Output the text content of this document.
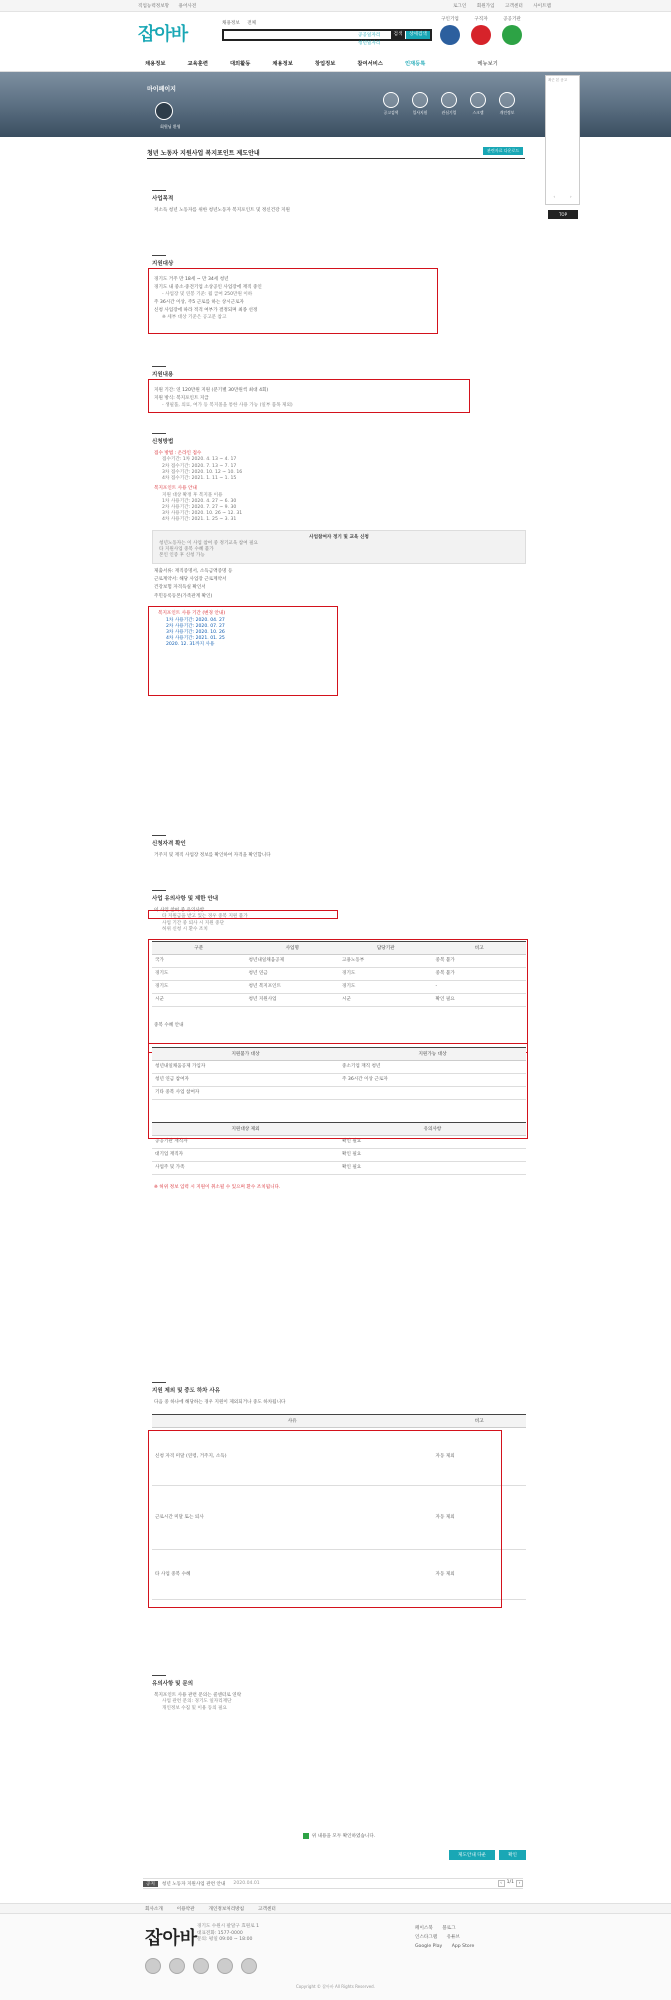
직업능력정보망 용어사전	로그인 회원가입 고객센터 사이트맵
잡아바
채용정보 전체
검색	상세검색
공공일자리
청년일자리
구인기업	구직자	공공기관
채용정보	교육훈련	대외활동	채용정보	창업정보	참여서비스	인재등록	메뉴보기
마이페이지
회원님 환영
공고검색	입사지원	관심기업	스크랩	개인정보
최근 본 공고
‹	›
TOP
청년 노동자 지원사업 복지포인트 제도안내	관련자료 다운로드
사업목적
저소득 청년 노동자를 위한 청년노동자 복지포인트 및 정신건강 지원
지원대상
경기도 거주 만 18세 ~ 만 34세 청년
경기도 내 중소·중견기업 소상공인 사업장에 재직 중인
- 사업장 및 연봉 기준: 월 급여 250만원 이하
주 36시간 이상, 주5 근로를 하는 상시근로자
신청 사업장에 따라 적격 여부가 결정되며 최종 선정
※ 세부 대상 기준은 공고문 참고
지원내용
지원 기간: 연 120만원 지원 (분기별 30만원씩 최대 4회)
지원 방식: 복지포인트 지급
- 생필품, 의료, 여가 등 복지몰을 통한 사용 가능 (일부 품목 제외)
신청방법
접수 방법 : 온라인 접수
접수기간: 1차 2020. 4. 13 ~ 4. 17
2차 접수기간: 2020. 7. 13 ~ 7. 17
3차 접수기간: 2020. 10. 12 ~ 10. 16
4차 접수기간: 2021. 1. 11 ~ 1. 15
복지포인트 사용 안내
지원 대상 확정 후 복지몰 이용
1차 사용기간: 2020. 4. 27 ~ 6. 30
2차 사용기간: 2020. 7. 27 ~ 9. 30
3차 사용기간: 2020. 10. 26 ~ 12. 31
4차 사용기간: 2021. 1. 25 ~ 3. 31
사업참여자 정기 및 교육 신청
청년노동자는 이 사업 참여 중 정기교육 참여 필요
타 지원사업 중복 수혜 불가
본인 인증 후 신청 가능
제출서류: 재직증명서, 소득금액증명 등
근로계약서: 해당 사업장 근로계약서
건강보험 자격득실 확인서
주민등록등본(가족관계 확인)
복지포인트 사용 기간 (변경 안내)
1차 사용기간: 2020. 04. 27
2차 사용기간: 2020. 07. 27
3차 사용기간: 2020. 10. 26
4차 사용기간: 2021. 01. 25
2020. 12. 31까지 사용
신청자격 확인
거주지 및 재직 사업장 정보를 확인하여 자격을 확인합니다
사업 유의사항 및 제한 안내
이 사업 참여 중 유의사항
타 지원금을 받고 있는 경우 중복 지원 불가
사업 기간 중 퇴사 시 지원 중단
허위 신청 시 환수 조치
구분	사업명	담당기관	비고
국가	청년내일채움공제	고용노동부	중복 불가
경기도	청년 연금	경기도	중복 불가
경기도	청년 복지포인트	경기도	-
시군	청년 지원사업	시군	확인 필요
중복 수혜 안내
지원불가 대상	지원가능 대상
청년내일채움공제 가입자	중소기업 재직 청년
청년 연금 참여자	주 36시간 이상 근로자
기타 중복 사업 참여자	
지원대상 제외	유의사항
공공기관 재직자	확인 필요
대기업 재직자	확인 필요
사업주 및 가족	확인 필요
※ 허위 정보 입력 시 지원이 취소될 수 있으며 환수 조치됩니다.
지원 제외 및 중도 하차 사유
다음 중 하나에 해당하는 경우 지원이 제외되거나 중도 하차됩니다
사유	비고
신청 자격 미달 (연령, 거주지, 소득)	자동 제외
근로시간 미달 또는 퇴사	자동 제외
타 사업 중복 수혜	자동 제외
유의사항 및 문의
복지포인트 사용 관련 문의는 콜센터로 연락
사업 관련 문의: 경기도 일자리재단
개인정보 수집 및 이용 동의 필요
위 내용을 모두 확인하였습니다.
제도안내 다운	확인
공지	청년 노동자 지원사업 관련 안내 2020.04.01	‹ 1/1 ›
회사소개	이용약관	개인정보처리방침	고객센터
잡아바
경기도 수원시 팔달구 효원로 1
대표전화: 1577-0000
문의: 평일 09:00 ~ 18:00
페이스북 블로그
인스타그램 유튜브
Google Play App Store
Copyright © 잡아바 All Rights Reserved.
